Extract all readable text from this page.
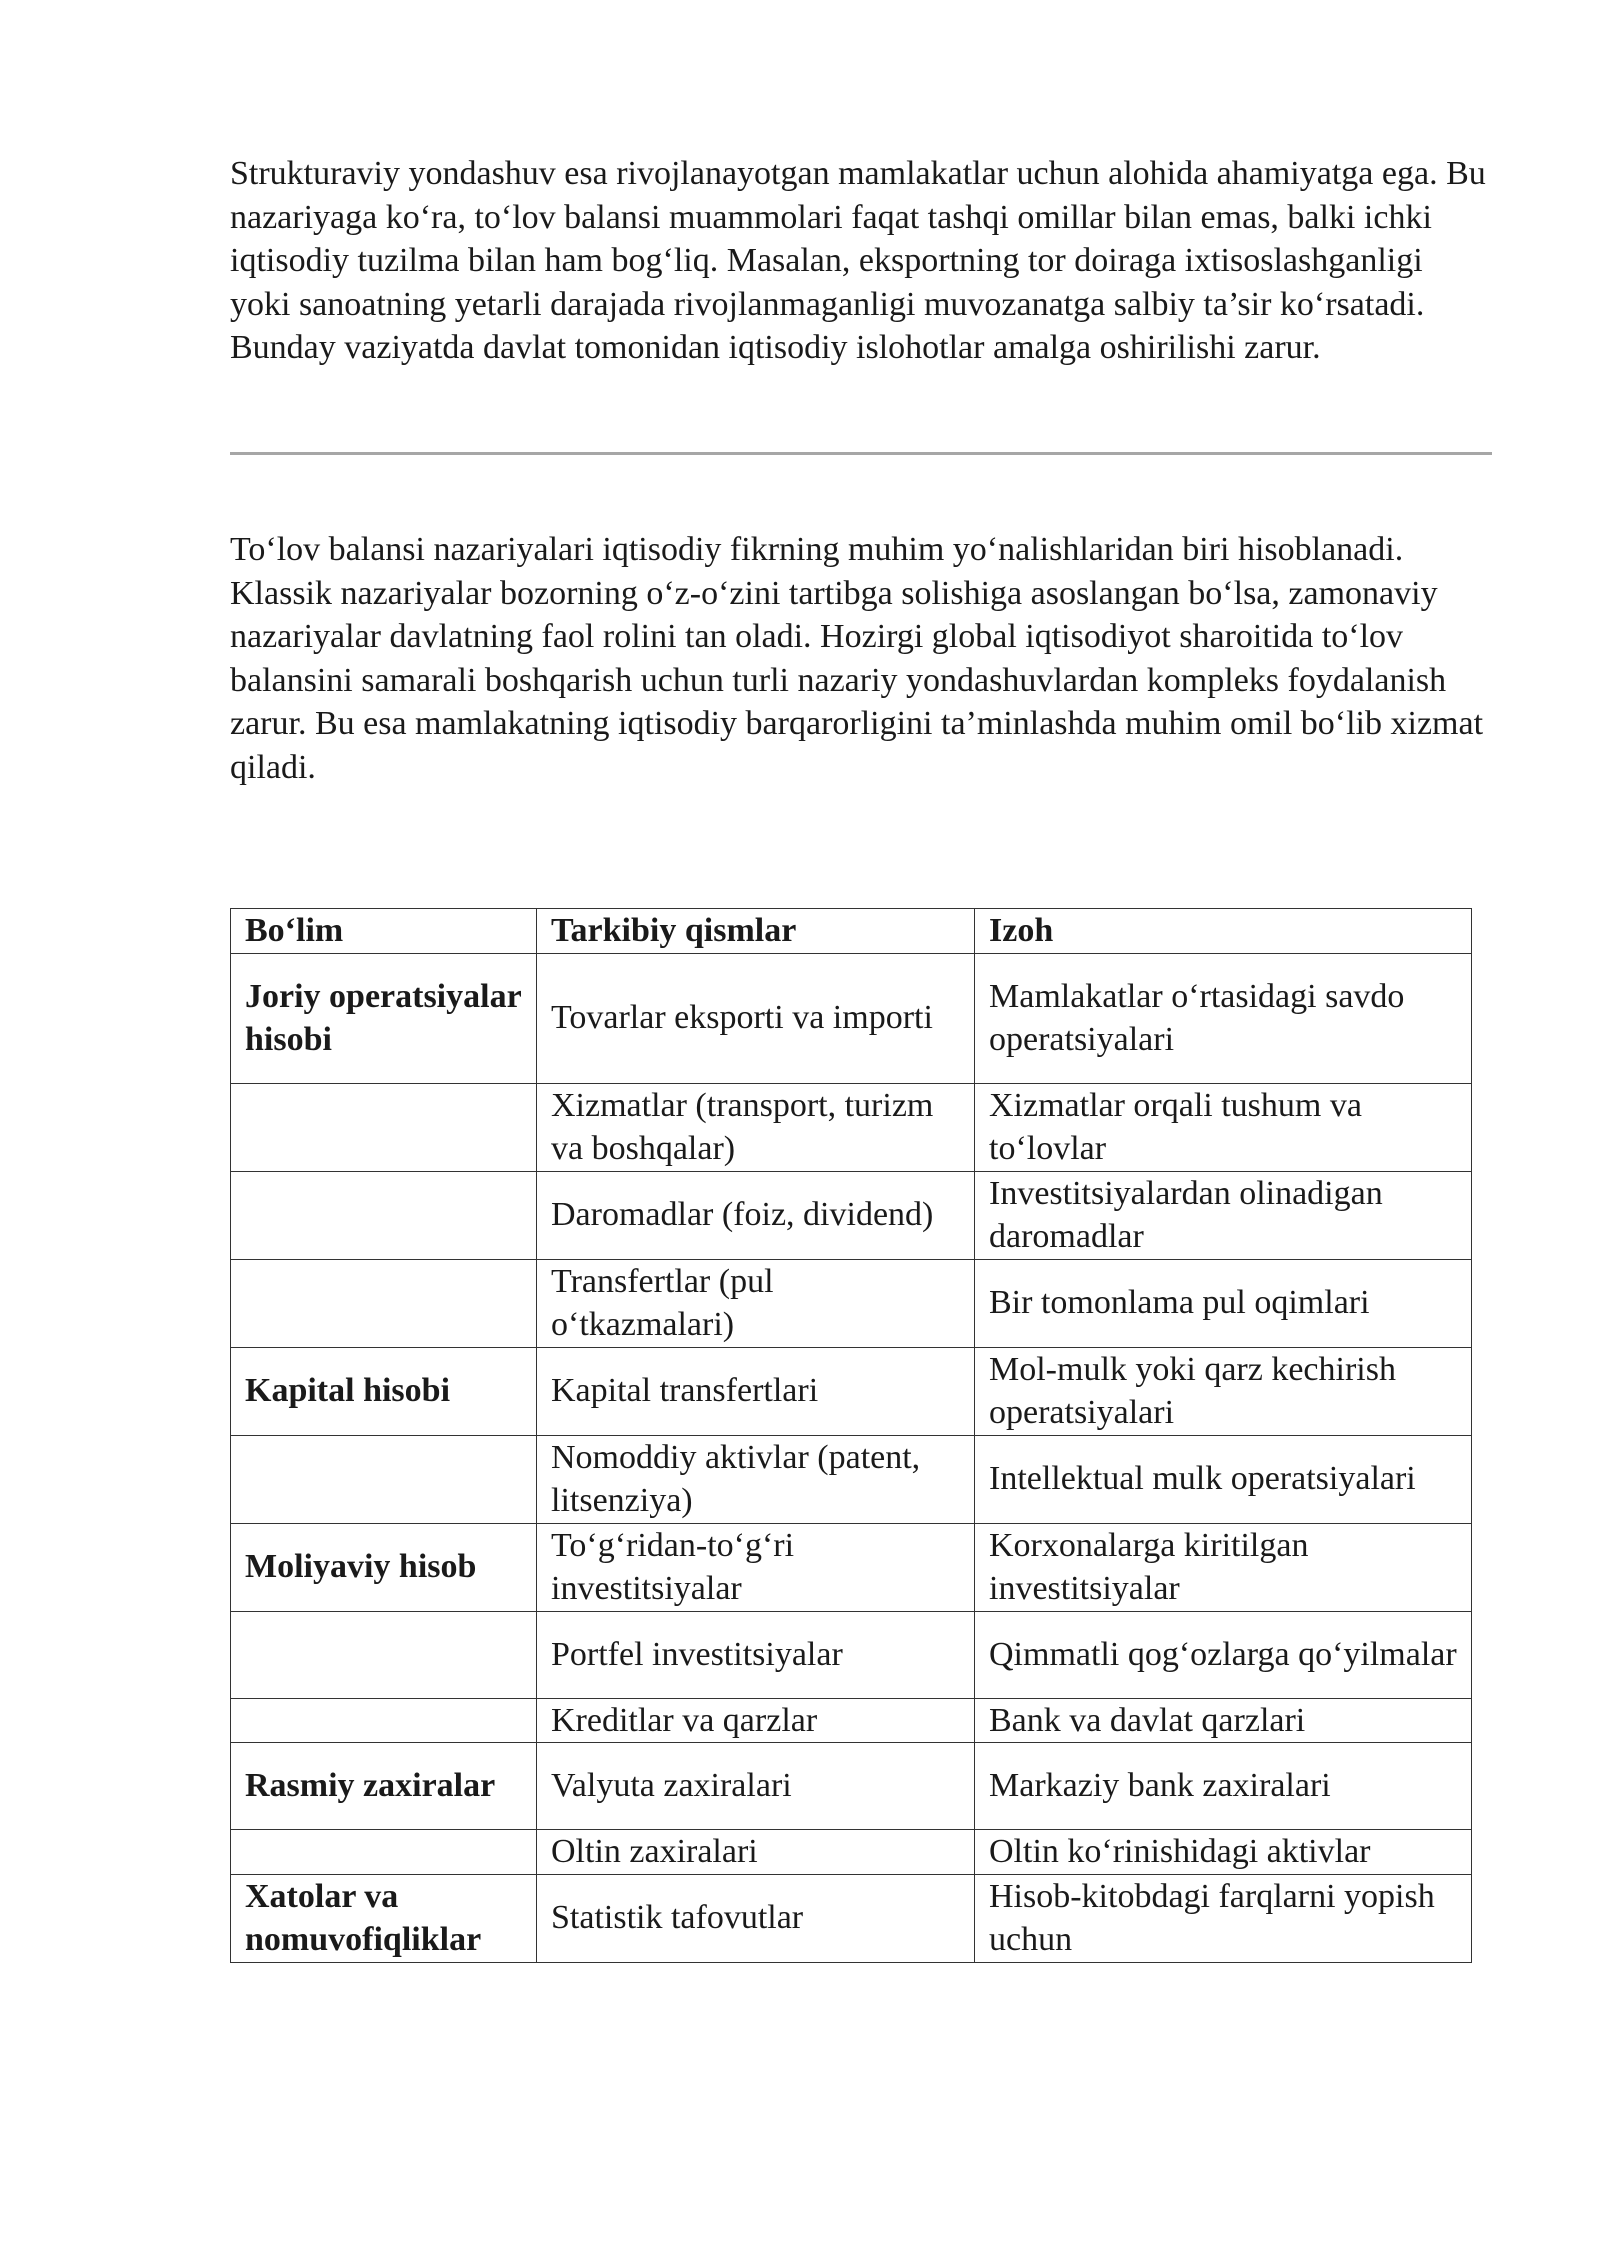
Strukturaviy yondashuv esa rivojlanayotgan mamlakatlar uchun alohida ahamiyatga ega. Bu nazariyaga ko‘ra, to‘lov balansi muammolari faqat tashqi omillar bilan emas, balki ichki iqtisodiy tuzilma bilan ham bog‘liq. Masalan, eksportning tor doiraga ixtisoslashganligi yoki sanoatning yetarli darajada rivojlanmaganligi muvozanatga salbiy ta’sir ko‘rsatadi. Bunday vaziyatda davlat tomonidan iqtisodiy islohotlar amalga oshirilishi zarur.

To‘lov balansi nazariyalari iqtisodiy fikrning muhim yo‘nalishlaridan biri hisoblanadi. Klassik nazariyalar bozorning o‘z-o‘zini tartibga solishiga asoslangan bo‘lsa, zamonaviy nazariyalar davlatning faol rolini tan oladi. Hozirgi global iqtisodiyot sharoitida to‘lov balansini samarali boshqarish uchun turli nazariy yondashuvlardan kompleks foydalanish zarur. Bu esa mamlakatning iqtisodiy barqarorligini ta’minlashda muhim omil bo‘lib xizmat qiladi.

Bo‘lim	Tarkibiy qismlar	Izoh
Joriy operatsiyalar hisobi	Tovarlar eksporti va importi	Mamlakatlar o‘rtasidagi savdo operatsiyalari
	Xizmatlar (transport, turizm va boshqalar)	Xizmatlar orqali tushum va to‘lovlar
	Daromadlar (foiz, dividend)	Investitsiyalardan olinadigan daromadlar
	Transfertlar (pul o‘tkazmalari)	Bir tomonlama pul oqimlari
Kapital hisobi	Kapital transfertlari	Mol-mulk yoki qarz kechirish operatsiyalari
	Nomoddiy aktivlar (patent, litsenziya)	Intellektual mulk operatsiyalari
Moliyaviy hisob	To‘g‘ridan-to‘g‘ri investitsiyalar	Korxonalarga kiritilgan investitsiyalar
	Portfel investitsiyalar	Qimmatli qog‘ozlarga qo‘yilmalar
	Kreditlar va qarzlar	Bank va davlat qarzlari
Rasmiy zaxiralar	Valyuta zaxiralari	Markaziy bank zaxiralari
	Oltin zaxiralari	Oltin ko‘rinishidagi aktivlar
Xatolar va nomuvofiqliklar	Statistik tafovutlar	Hisob-kitobdagi farqlarni yopish uchun
